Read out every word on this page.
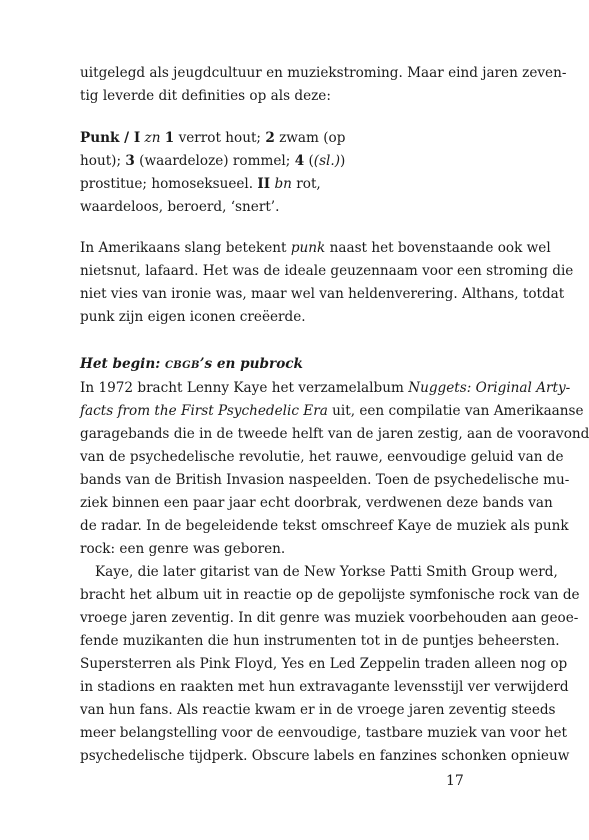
uitgelegd als jeugdcultuur en muziekstroming. Maar eind jaren zeven-
tig leverde dit definities op als deze:
Punk / I zn 1 verrot hout; 2 zwam (op
hout); 3 (waardeloze) rommel; 4 ((sl.))
prostitue; homoseksueel. II bn rot,
waardeloos, beroerd, ‘snert’.
In Amerikaans slang betekent punk naast het bovenstaande ook wel
nietsnut, lafaard. Het was de ideale geuzennaam voor een stroming die
niet vies van ironie was, maar wel van heldenverering. Althans, totdat
punk zijn eigen iconen creëerde.
Het begin: CBGB’s en pubrock
In 1972 bracht Lenny Kaye het verzamelalbum Nuggets: Original Arty-
facts from the First Psychedelic Era uit, een compilatie van Amerikaanse
garagebands die in de tweede helft van de jaren zestig, aan de vooravond
van de psychedelische revolutie, het rauwe, eenvoudige geluid van de
bands van de British Invasion naspeelden. Toen de psychedelische mu-
ziek binnen een paar jaar echt doorbrak, verdwenen deze bands van
de radar. In de begeleidende tekst omschreef Kaye de muziek als punk
rock: een genre was geboren.
Kaye, die later gitarist van de New Yorkse Patti Smith Group werd,
bracht het album uit in reactie op de gepolijste symfonische rock van de
vroege jaren zeventig. In dit genre was muziek voorbehouden aan geoe-
fende muzikanten die hun instrumenten tot in de puntjes beheersten.
Supersterren als Pink Floyd, Yes en Led Zeppelin traden alleen nog op
in stadions en raakten met hun extravagante levensstijl ver verwijderd
van hun fans. Als reactie kwam er in de vroege jaren zeventig steeds
meer belangstelling voor de eenvoudige, tastbare muziek van voor het
psychedelische tijdperk. Obscure labels en fanzines schonken opnieuw
17
